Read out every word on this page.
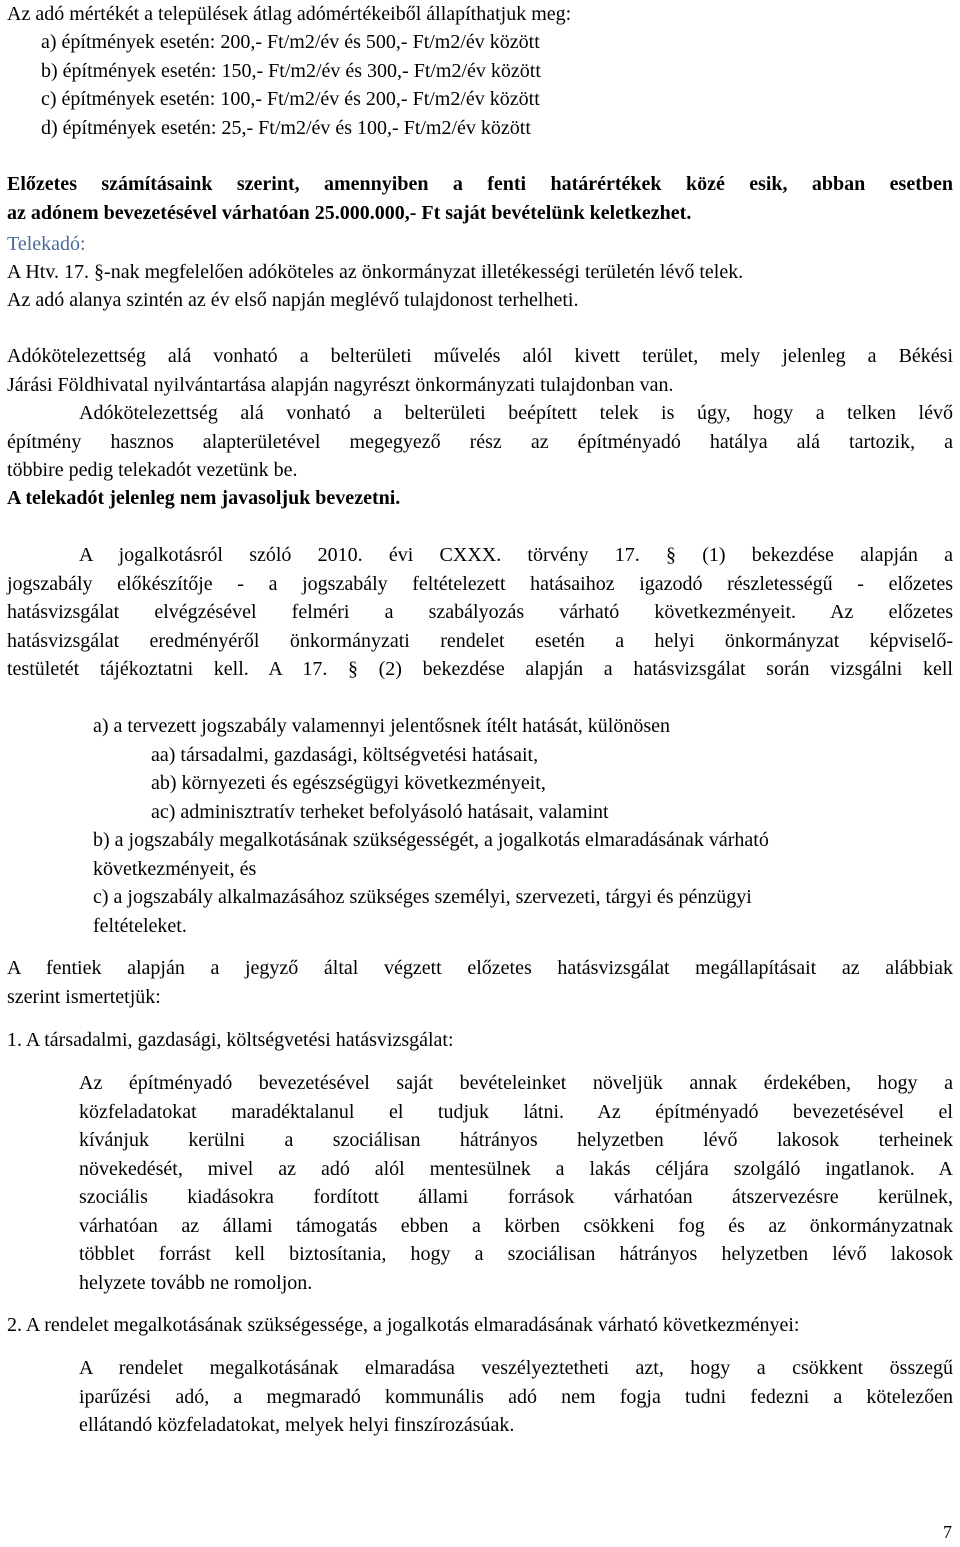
Az adó mértékét a települések átlag adómértékeiből állapíthatjuk meg:
a) építmények esetén: 200,- Ft/m2/év és 500,- Ft/m2/év között
b) építmények esetén: 150,- Ft/m2/év és 300,- Ft/m2/év között
c) építmények esetén: 100,- Ft/m2/év és 200,- Ft/m2/év között
d) építmények esetén: 25,- Ft/m2/év és 100,- Ft/m2/év között
Előzetes számításaink szerint, amennyiben a fenti határértékek közé esik, abban esetben
az adónem bevezetésével várhatóan 25.000.000,- Ft saját bevételünk keletkezhet.
Telekadó:
A Htv. 17. §-nak megfelelően adóköteles az önkormányzat illetékességi területén lévő telek.
Az adó alanya szintén az év első napján meglévő tulajdonost terhelheti.
Adókötelezettség alá vonható a belterületi művelés alól kivett terület, mely jelenleg a Békési
Járási Földhivatal nyilvántartása alapján nagyrészt önkormányzati tulajdonban van.
Adókötelezettség alá vonható a belterületi beépített telek is úgy, hogy a telken lévő
építmény hasznos alapterületével megegyező rész az építményadó hatálya alá tartozik, a
többire pedig telekadót vezetünk be.
A telekadót jelenleg nem javasoljuk bevezetni.
A jogalkotásról szóló 2010. évi CXXX. törvény 17. § (1) bekezdése alapján a
jogszabály előkészítője - a jogszabály feltételezett hatásaihoz igazodó részletességű - előzetes
hatásvizsgálat elvégzésével felméri a szabályozás várható következményeit. Az előzetes
hatásvizsgálat eredményéről önkormányzati rendelet esetén a helyi önkormányzat képviselő-
testületét tájékoztatni kell. A 17. § (2) bekezdése alapján a hatásvizsgálat során vizsgálni kell
a) a tervezett jogszabály valamennyi jelentősnek ítélt hatását, különösen
aa) társadalmi, gazdasági, költségvetési hatásait,
ab) környezeti és egészségügyi következményeit,
ac) adminisztratív terheket befolyásoló hatásait, valamint
b) a jogszabály megalkotásának szükségességét, a jogalkotás elmaradásának várható
következményeit, és
c) a jogszabály alkalmazásához szükséges személyi, szervezeti, tárgyi és pénzügyi
feltételeket.
A fentiek alapján a jegyző által végzett előzetes hatásvizsgálat megállapításait az alábbiak
szerint ismertetjük:
1. A társadalmi, gazdasági, költségvetési hatásvizsgálat:
Az építményadó bevezetésével saját bevételeinket növeljük annak érdekében, hogy a
közfeladatokat maradéktalanul el tudjuk látni. Az építményadó bevezetésével el
kívánjuk kerülni a szociálisan hátrányos helyzetben lévő lakosok terheinek
növekedését, mivel az adó alól mentesülnek a lakás céljára szolgáló ingatlanok. A
szociális kiadásokra fordított állami források várhatóan átszervezésre kerülnek,
várhatóan az állami támogatás ebben a körben csökkeni fog és az önkormányzatnak
többlet forrást kell biztosítania, hogy a szociálisan hátrányos helyzetben lévő lakosok
helyzete tovább ne romoljon.
2. A rendelet megalkotásának szükségessége, a jogalkotás elmaradásának várható következményei:
A rendelet megalkotásának elmaradása veszélyeztetheti azt, hogy a csökkent összegű
iparűzési adó, a megmaradó kommunális adó nem fogja tudni fedezni a kötelezően
ellátandó közfeladatokat, melyek helyi finszírozásúak.
7
